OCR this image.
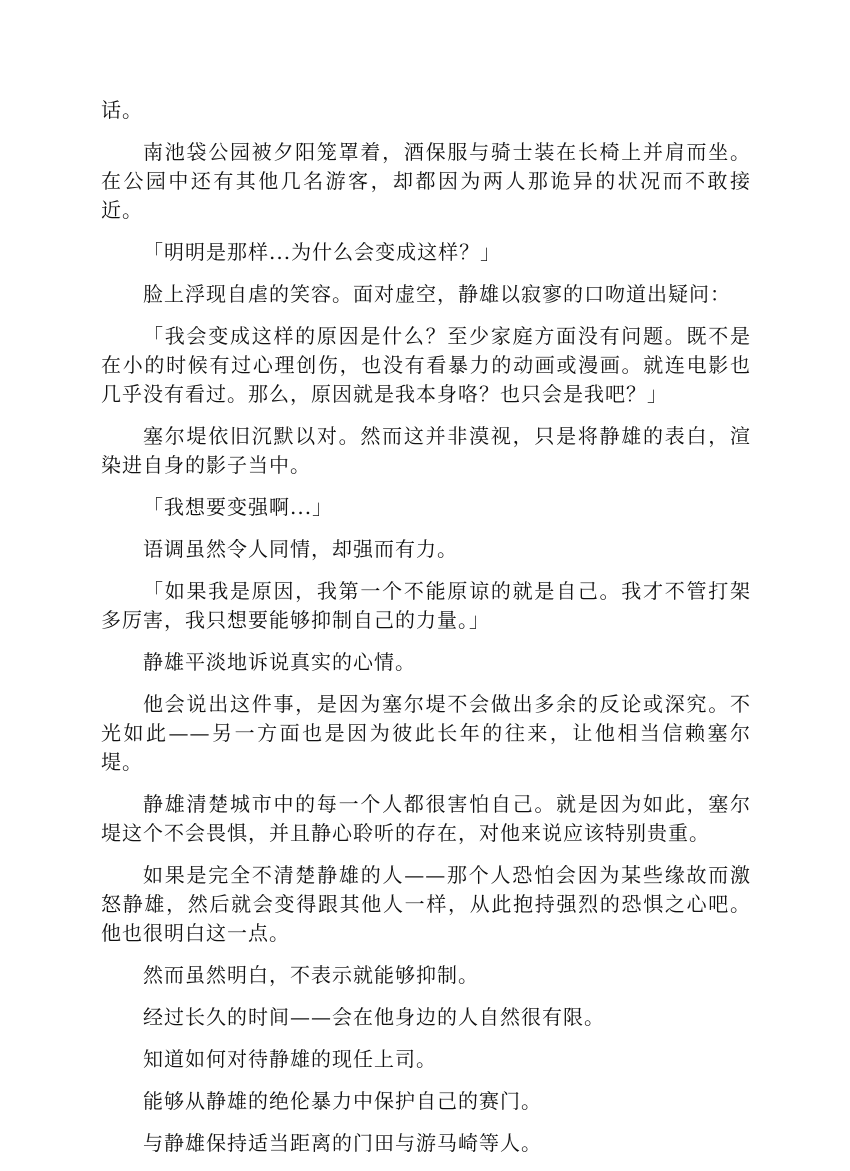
话。

南池袋公园被夕阳笼罩着，酒保服与骑士装在长椅上并肩而坐。在公园中还有其他几名游客，却都因为两人那诡异的状况而不敢接近。

「明明是那样...为什么会变成这样？」

脸上浮现自虐的笑容。面对虚空，静雄以寂寥的口吻道出疑问：

「我会变成这样的原因是什么？至少家庭方面没有问题。既不是在小的时候有过心理创伤，也没有看暴力的动画或漫画。就连电影也几乎没有看过。那么，原因就是我本身咯？也只会是我吧？」

塞尔堤依旧沉默以对。然而这并非漠视，只是将静雄的表白，渲染进自身的影子当中。

「我想要变强啊...」

语调虽然令人同情，却强而有力。

「如果我是原因，我第一个不能原谅的就是自己。我才不管打架多厉害，我只想要能够抑制自己的力量。」

静雄平淡地诉说真实的心情。

他会说出这件事，是因为塞尔堤不会做出多余的反论或深究。不光如此——另一方面也是因为彼此长年的往来，让他相当信赖塞尔堤。

静雄清楚城市中的每一个人都很害怕自己。就是因为如此，塞尔堤这个不会畏惧，并且静心聆听的存在，对他来说应该特别贵重。

如果是完全不清楚静雄的人——那个人恐怕会因为某些缘故而激怒静雄，然后就会变得跟其他人一样，从此抱持强烈的恐惧之心吧。他也很明白这一点。

然而虽然明白，不表示就能够抑制。

经过长久的时间——会在他身边的人自然很有限。

知道如何对待静雄的现任上司。

能够从静雄的绝伦暴力中保护自己的赛门。

与静雄保持适当距离的门田与游马崎等人。
